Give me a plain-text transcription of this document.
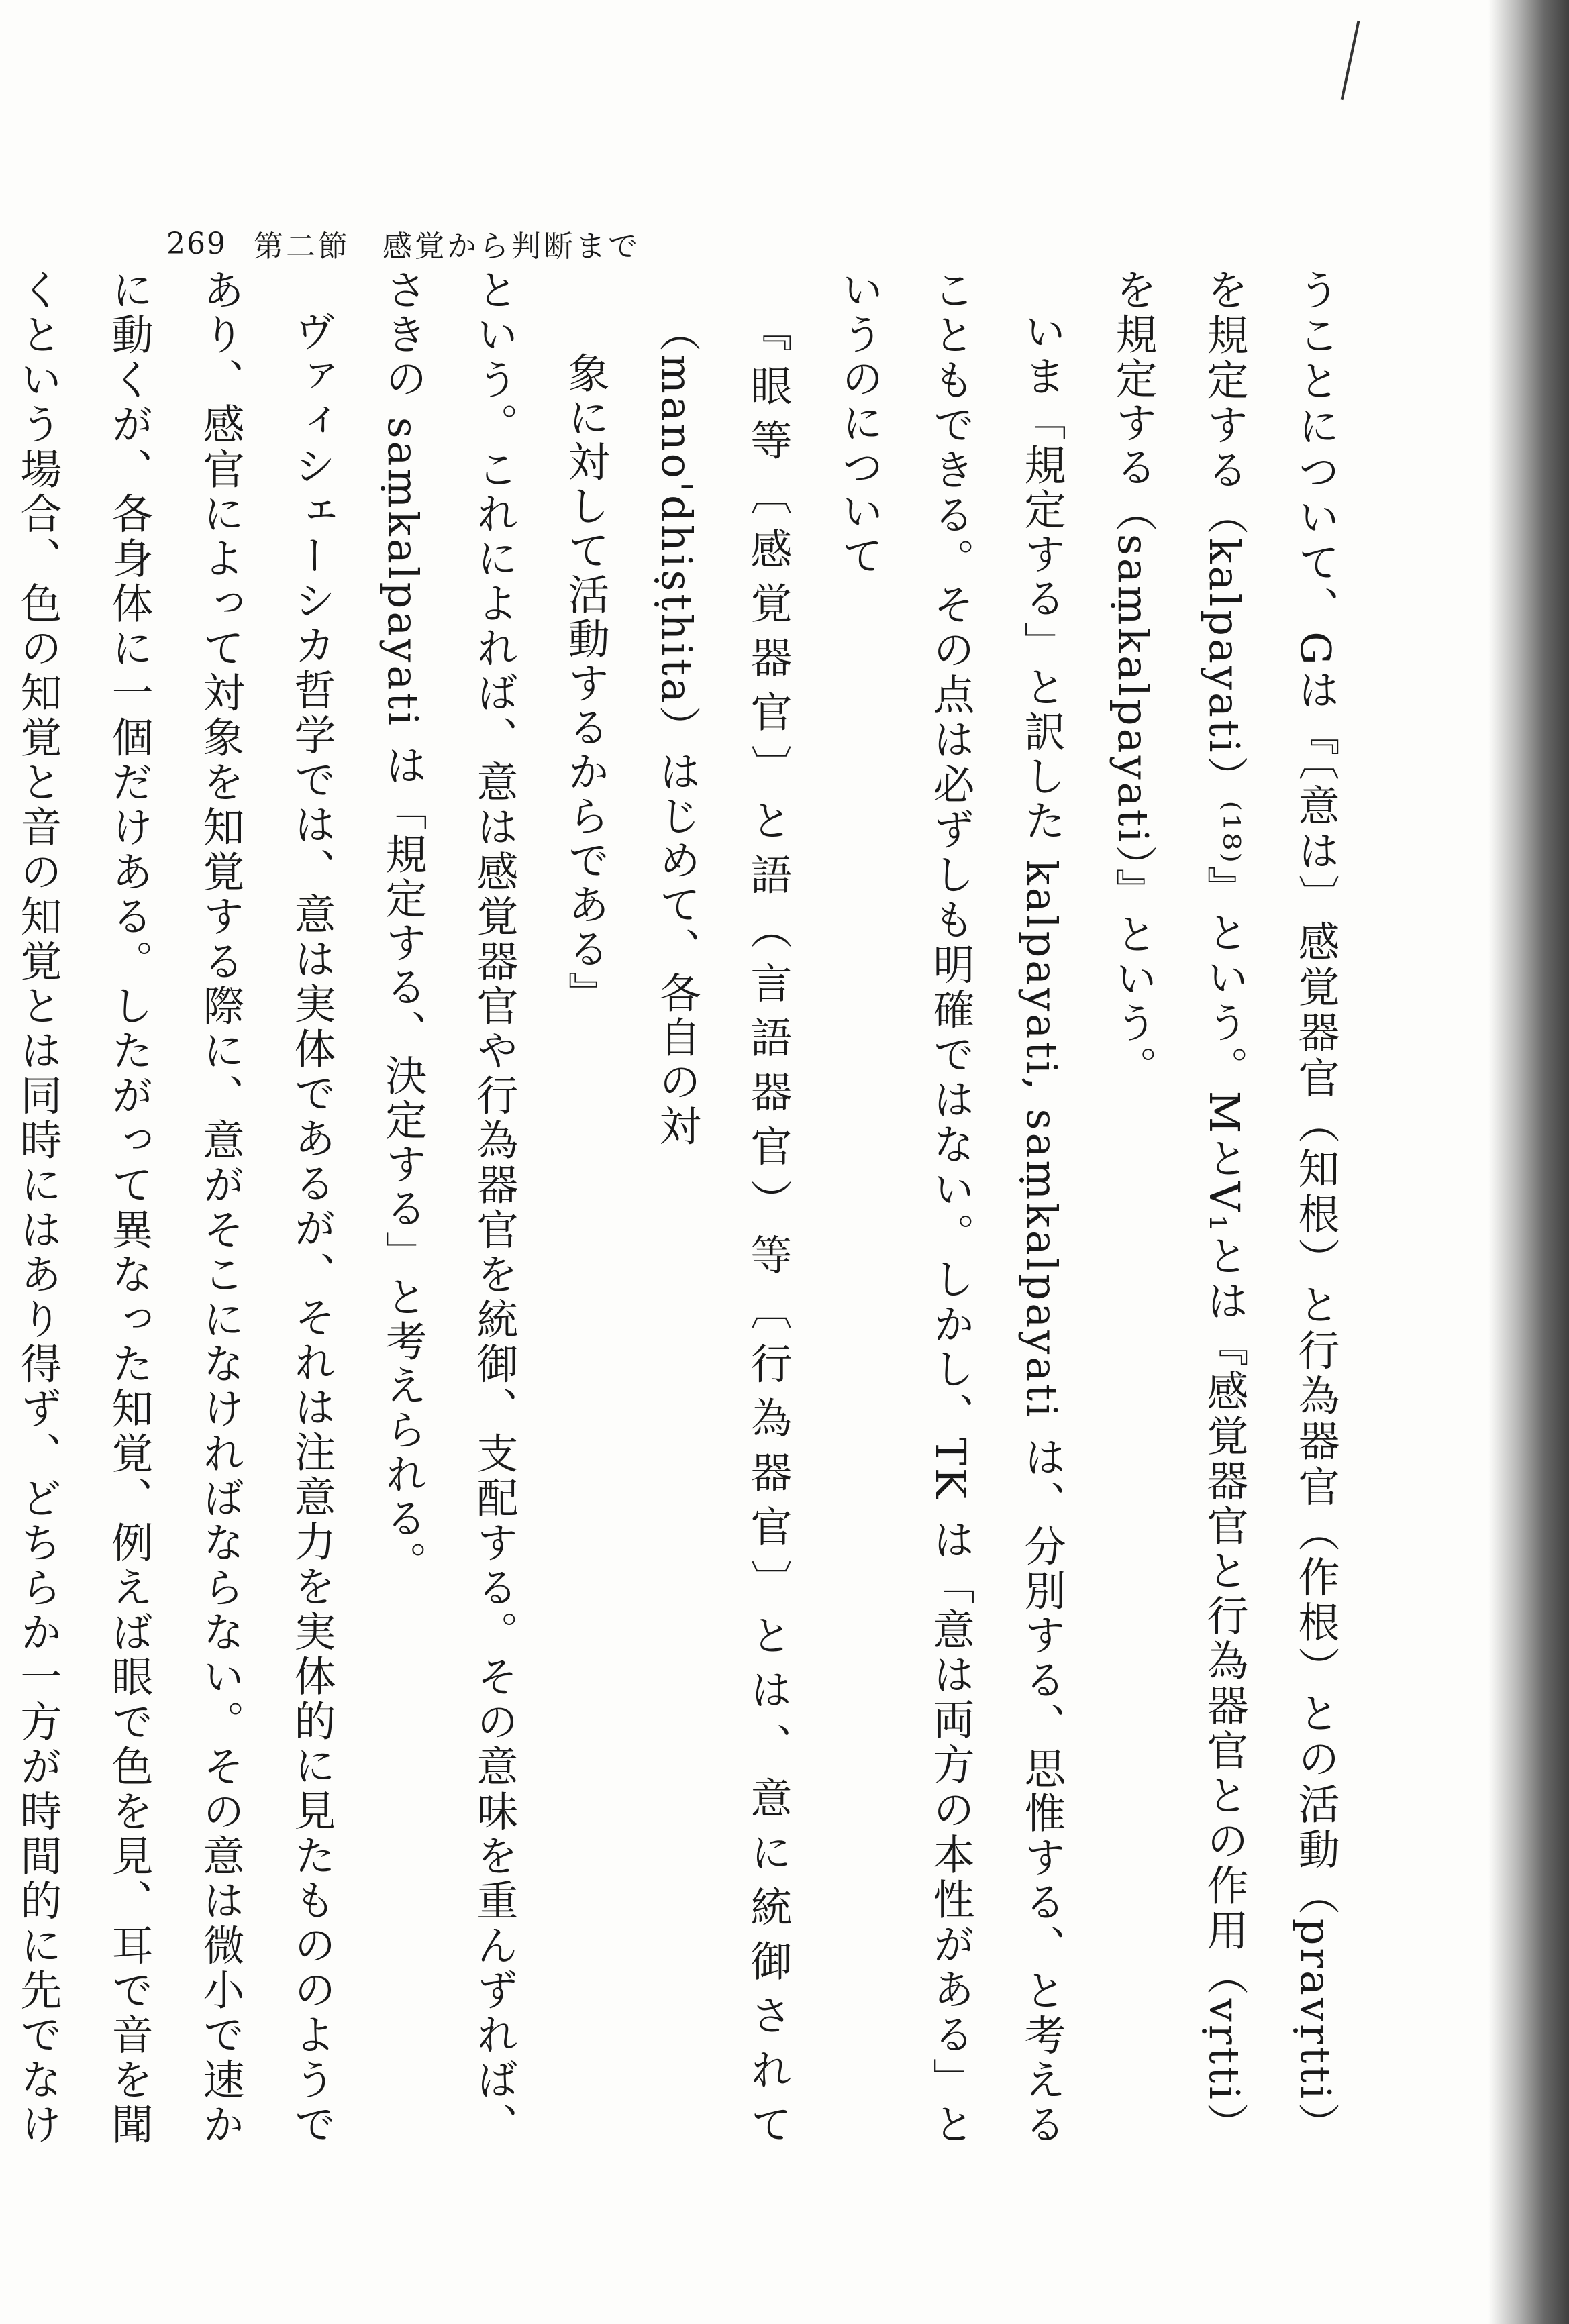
269 第二節　感覚から判断まで

うことについて、Gは『〔意は〕感覚器官（知根）と行為器官（作根）との活動（pravṛtti）を規定する（kalpayati）⁽¹⁸⁾』という。MとV₁とは『感覚器官と行為器官との作用（vṛtti）を規定する（saṃkalpayati）』という。

いま「規定する」と訳した kalpayati, saṃkalpayati は、分別する、思惟する、と考えることもできる。その点は必ずしも明確ではない。しかし、TK は「意は両方の本性がある」というのについて

『眼等〔感覚器官〕と語（言語器官）等〔行為器官〕とは、意に統御されて（mano'dhiṣṭhita）はじめて、各自の対

象に対して活動するからである』

という。これによれば、意は感覚器官や行為器官を統御、支配する。その意味を重んずれば、さきの saṃkalpayati は「規定する、決定する」と考えられる。

ヴァィシェーシカ哲学では、意は実体であるが、それは注意力を実体的に見たもののようであり、感官によって対象を知覚する際に、意がそこになければならない。その意は微小で速かに動くが、各身体に一個だけある。したがって異なった知覚、例えば眼で色を見、耳で音を聞くという場合、色の知覚と音の知覚とは同時にはあり得ず、どちらか一方が時間的に先でなけ
